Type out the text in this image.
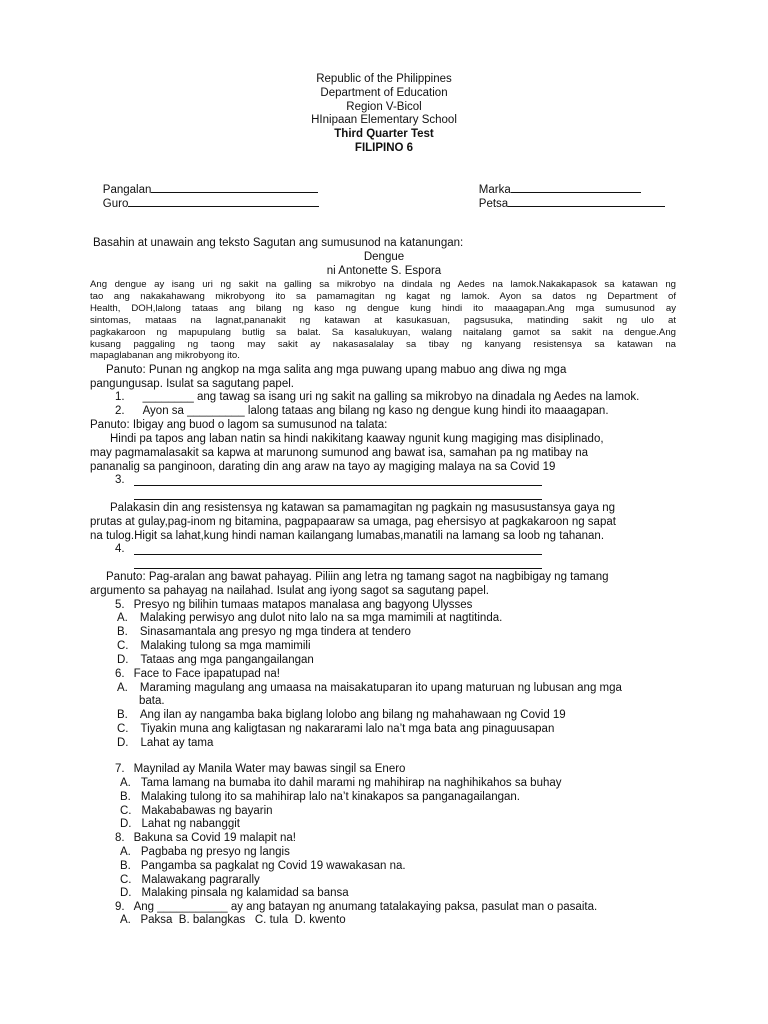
Republic of the Philippines
Department of Education
Region V-Bicol
HInipaan Elementary School
Third Quarter Test
FILIPINO 6

Pangalan

Guro

Marka

Petsa

Basahin at unawain ang teksto Sagutan ang sumusunod na katanungan:
Dengue
ni Antonette S. Espora
Ang dengue ay isang uri ng sakit na galling sa mikrobyo na dindala ng Aedes na lamok.Nakakapasok sa katawan ng
tao ang nakakahawang mikrobyong ito sa pamamagitan ng kagat ng lamok. Ayon sa datos ng Department of
Health, DOH,lalong tataas ang bilang ng kaso ng dengue kung hindi ito maaagapan.Ang mga sumusunod ay
sintomas, mataas na lagnat,pananakit ng katawan at kasukasuan, pagsusuka, matinding sakit ng ulo at
pagkakaroon ng mapupulang butlig sa balat. Sa kasalukuyan, walang naitalang gamot sa sakit na dengue.Ang
kusang paggaling ng taong may sakit ay nakasasalalay sa tibay ng kanyang resistensya sa katawan na
mapaglabanan ang mikrobyong ito.
Panuto: Punan ng angkop na mga salita ang mga puwang upang mabuo ang diwa ng mga
pangungusap. Isulat sa sagutang papel.
1. ________ ang tawag sa isang uri ng sakit na galling sa mikrobyo na dinadala ng Aedes na lamok.
2. Ayon sa _________ lalong tataas ang bilang ng kaso ng dengue kung hindi ito maaagapan.
Panuto: Ibigay ang buod o lagom sa sumusunod na talata:
Hindi pa tapos ang laban natin sa hindi nakikitang kaaway ngunit kung magiging mas disiplinado,
may pagmamalasakit sa kapwa at marunong sumunod ang bawat isa, samahan pa ng matibay na
pananalig sa panginoon, darating din ang araw na tayo ay magiging malaya na sa Covid 19
3.
Palakasin din ang resistensya ng katawan sa pamamagitan ng pagkain ng masusustansya gaya ng
prutas at gulay,pag-inom ng bitamina, pagpapaaraw sa umaga, pag ehersisyo at pagkakaroon ng sapat
na tulog.Higit sa lahat,kung hindi naman kailangang lumabas,manatili na lamang sa loob ng tahanan.
4.
Panuto: Pag-aralan ang bawat pahayag. Piliin ang letra ng tamang sagot na nagbibigay ng tamang
argumento sa pahayag na nailahad. Isulat ang iyong sagot sa sagutang papel.
5. Presyo ng bilihin tumaas matapos manalasa ang bagyong Ulysses
A. Malaking perwisyo ang dulot nito lalo na sa mga mamimili at nagtitinda.
B. Sinasamantala ang presyo ng mga tindera at tendero
C. Malaking tulong sa mga mamimili
D. Tataas ang mga pangangailangan
6. Face to Face ipapatupad na!
A. Maraming magulang ang umaasa na maisakatuparan ito upang maturuan ng lubusan ang mga
bata.
B. Ang ilan ay nangamba baka biglang lolobo ang bilang ng mahahawaan ng Covid 19
C. Tiyakin muna ang kaligtasan ng nakararami lalo na’t mga bata ang pinaguusapan
D. Lahat ay tama
7. Maynilad ay Manila Water may bawas singil sa Enero
A. Tama lamang na bumaba ito dahil marami ng mahihirap na naghihikahos sa buhay
B. Malaking tulong ito sa mahihirap lalo na’t kinakapos sa panganagailangan.
C. Makababawas ng bayarin
D. Lahat ng nabanggit
8. Bakuna sa Covid 19 malapit na!
A. Pagbaba ng presyo ng langis
B. Pangamba sa pagkalat ng Covid 19 wawakasan na.
C. Malawakang pagrarally
D. Malaking pinsala ng kalamidad sa bansa
9. Ang ___________ ay ang batayan ng anumang tatalakaying paksa, pasulat man o pasaita.
A.   Paksa  B. balangkas   C. tula  D. kwento
